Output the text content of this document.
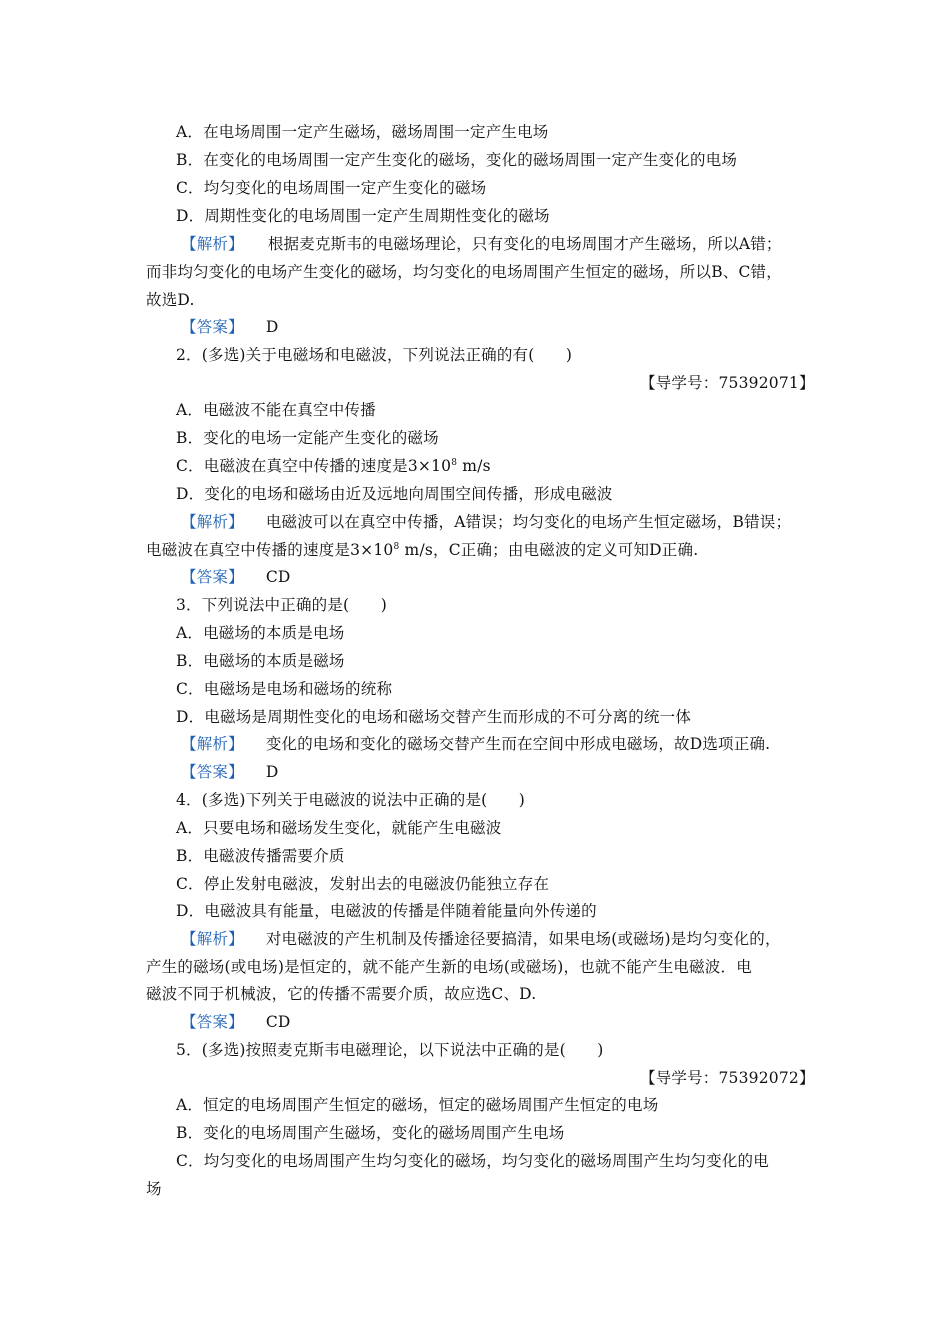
A．在电场周围一定产生磁场，磁场周围一定产生电场
B．在变化的电场周围一定产生变化的磁场，变化的磁场周围一定产生变化的电场
C．均匀变化的电场周围一定产生变化的磁场
D．周期性变化的电场周围一定产生周期性变化的磁场
【解析】 根据麦克斯韦的电磁场理论，只有变化的电场周围才产生磁场，所以A错；
而非均匀变化的电场产生变化的磁场，均匀变化的电场周围产生恒定的磁场，所以B、C错，
故选D.
【答案】 D
2．(多选)关于电磁场和电磁波，下列说法正确的有(　　)
【导学号：75392071】
A．电磁波不能在真空中传播
B．变化的电场一定能产生变化的磁场
C．电磁波在真空中传播的速度是$3\times 10^8$ m/s
D．变化的电场和磁场由近及远地向周围空间传播，形成电磁波
【解析】 电磁波可以在真空中传播，A错误；均匀变化的电场产生恒定磁场，B错误；
电磁波在真空中传播的速度是$3\times 10^8$ m/s，C正确；由电磁波的定义可知D正确.
【答案】 CD
3．下列说法中正确的是(　　)
A．电磁场的本质是电场
B．电磁场的本质是磁场
C．电磁场是电场和磁场的统称
D．电磁场是周期性变化的电场和磁场交替产生而形成的不可分离的统一体
【解析】 变化的电场和变化的磁场交替产生而在空间中形成电磁场，故D选项正确.
【答案】 D
4．(多选)下列关于电磁波的说法中正确的是(　　)
A．只要电场和磁场发生变化，就能产生电磁波
B．电磁波传播需要介质
C．停止发射电磁波，发射出去的电磁波仍能独立存在
D．电磁波具有能量，电磁波的传播是伴随着能量向外传递的
【解析】 对电磁波的产生机制及传播途径要搞清，如果电场(或磁场)是均匀变化的，
产生的磁场(或电场)是恒定的，就不能产生新的电场(或磁场)，也就不能产生电磁波．电
磁波不同于机械波，它的传播不需要介质，故应选C、D.
【答案】 CD
5．(多选)按照麦克斯韦电磁理论，以下说法中正确的是(　　)
【导学号：75392072】
A．恒定的电场周围产生恒定的磁场，恒定的磁场周围产生恒定的电场
B．变化的电场周围产生磁场，变化的磁场周围产生电场
C．均匀变化的电场周围产生均匀变化的磁场，均匀变化的磁场周围产生均匀变化的电
场
